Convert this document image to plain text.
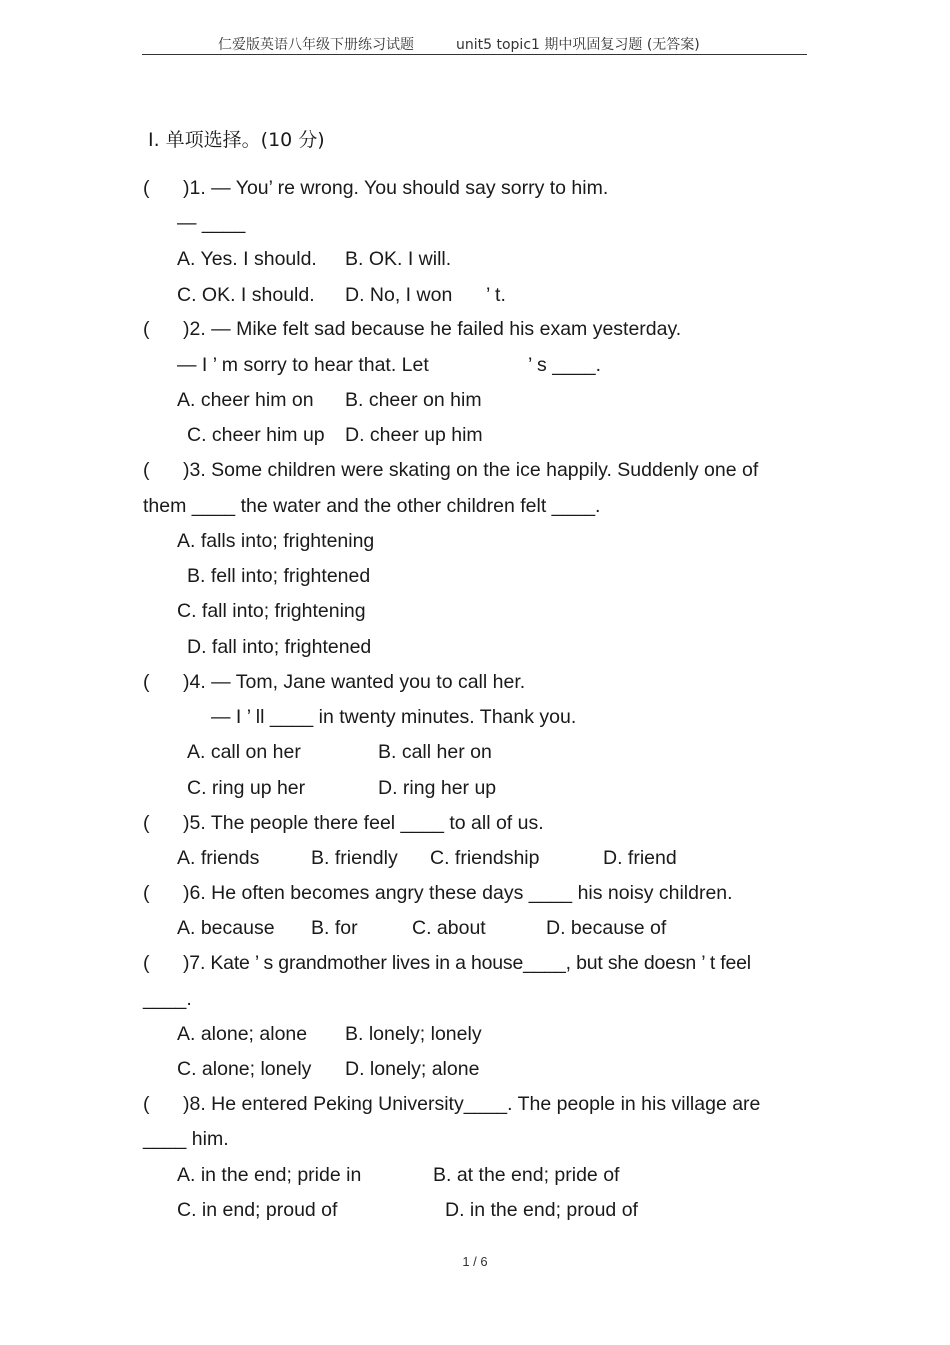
仁爱版英语八年级下册练习试题	unit5 topic1 期中巩固复习题 (无答案)
Ⅰ. 单项选择。(10 分)
( )1. — You’ re wrong. You should say sorry to him.
— ____
A. Yes. I should. B. OK. I will.
C. OK. I should. D. No, I won ’ t.
( )2. — Mike felt sad because he failed his exam yesterday.
— I ’ m sorry to hear that. Let	’ s ____.
A. cheer him on B. cheer on him
C. cheer him up D. cheer up him
( )3. Some children were skating on the ice happily. Suddenly one of
them ____ the water and the other children felt ____.
A. falls into; frightening
B. fell into; frightened
C. fall into; frightening
D. fall into; frightened
( )4. — Tom, Jane wanted you to call her.
— I ’ ll ____ in twenty minutes. Thank you.
A. call on her	B. call her on
C. ring up her	D. ring her up
( )5. The people there feel ____ to all of us.
A. friends	B. friendly C. friendship	D. friend
( )6. He often becomes angry these days ____ his noisy children.
A. because B. for	C. about	D. because of
( )7. Kate ’ s grandmother lives in a house____, but she doesn ’ t feel
____.
A. alone; alone B. lonely; lonely
C. alone; lonely D. lonely; alone
( )8. He entered Peking University____. The people in his village are
____ him.
A. in the end; pride in	B. at the end; pride of
C. in end; proud of	D. in the end; proud of
1 / 6
